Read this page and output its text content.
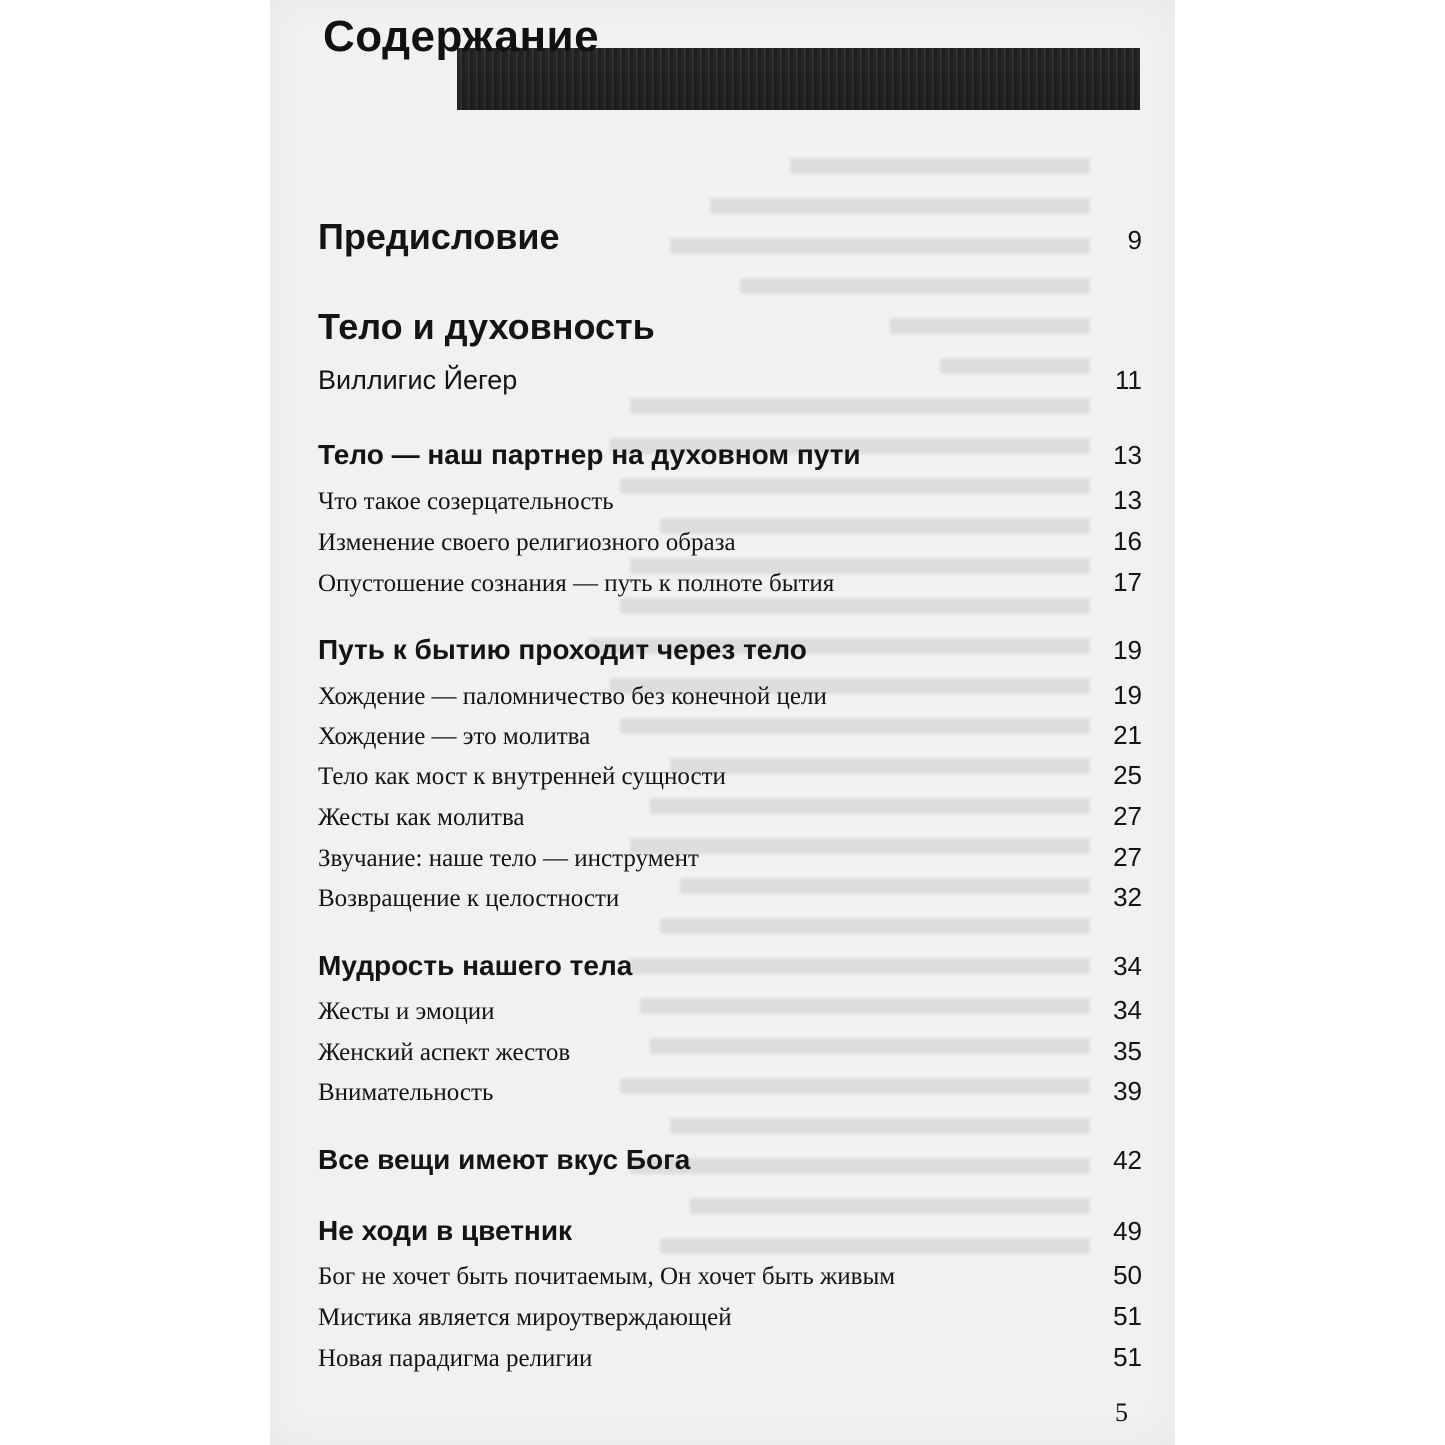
Содержание
Предисловие	9
Тело и духовность
Виллигис Йегер	11
Тело — наш партнер на духовном пути	13
Что такое созерцательность	13
Изменение своего религиозного образа	16
Опустошение сознания — путь к полноте бытия	17
Путь к бытию проходит через тело	19
Хождение — паломничество без конечной цели	19
Хождение — это молитва	21
Тело как мост к внутренней сущности	25
Жесты как молитва	27
Звучание: наше тело — инструмент	27
Возвращение к целостности	32
Мудрость нашего тела	34
Жесты и эмоции	34
Женский аспект жестов	35
Внимательность	39
Все вещи имеют вкус Бога	42
Не ходи в цветник	49
Бог не хочет быть почитаемым, Он хочет быть живым	50
Мистика является мироутверждающей	51
Новая парадигма религии	51
5
